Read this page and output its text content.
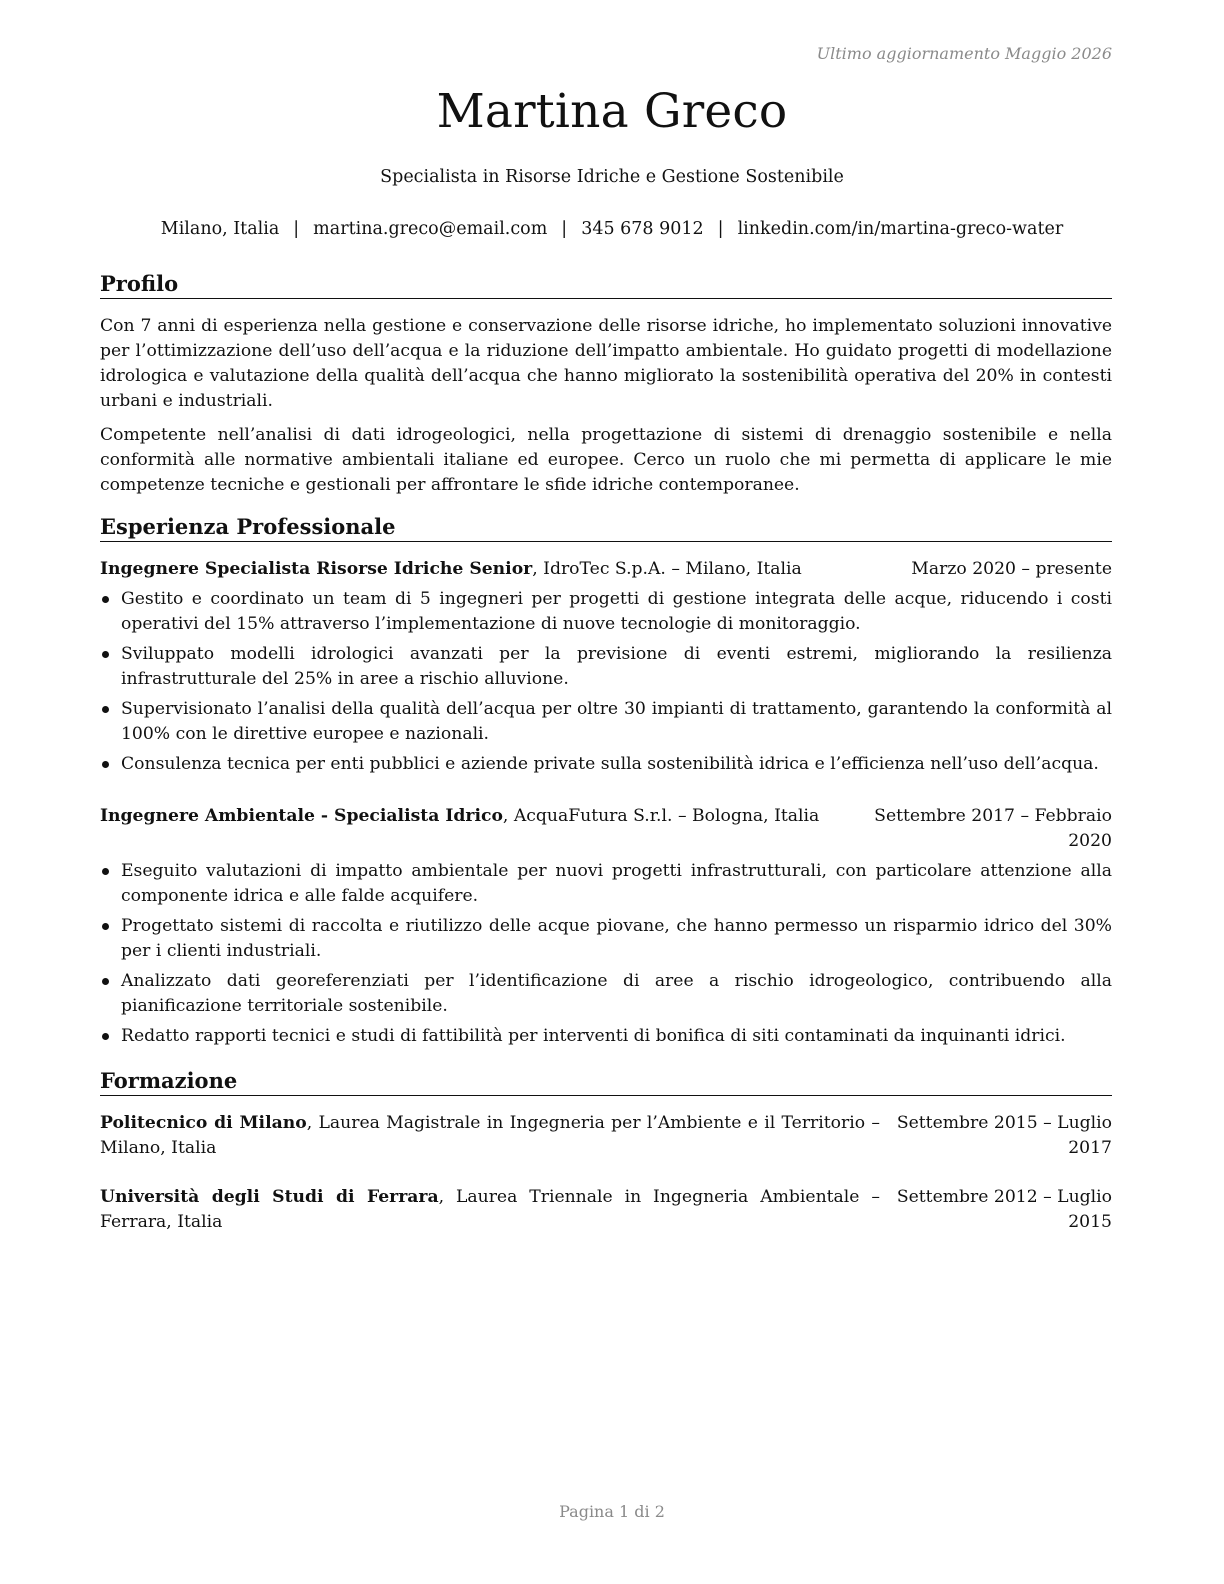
Ultimo aggiornamento Maggio 2026
Martina Greco
Specialista in Risorse Idriche e Gestione Sostenibile
Milano, Italia | martina.greco@email.com | 345 678 9012 | linkedin.com/in/martina-greco-water
Profilo

Con 7 anni di esperienza nella gestione e conservazione delle risorse idriche, ho implementato soluzioni innovative per l’ottimizzazione dell’uso dell’acqua e la riduzione dell’impatto ambientale. Ho guidato progetti di modellazione idrologica e valutazione della qualità dell’acqua che hanno migliorato la sostenibilità operativa del 20% in contesti urbani e industriali.

Competente nell’analisi di dati idrogeologici, nella progettazione di sistemi di drenaggio sostenibile e nella conformità alle normative ambientali italiane ed europee. Cerco un ruolo che mi permetta di applicare le mie competenze tecniche e gestionali per affrontare le sfide idriche contemporanee.

Esperienza Professionale
Ingegnere Specialista Risorse Idriche Senior, IdroTec S.p.A. – Milano, Italia	Marzo 2020 – presente
Gestito e coordinato un team di 5 ingegneri per progetti di gestione integrata delle acque, riducendo i costi operativi del 15% attraverso l’implementazione di nuove tecnologie di monitoraggio.
Sviluppato modelli idrologici avanzati per la previsione di eventi estremi, migliorando la resilienza infrastrutturale del 25% in aree a rischio alluvione.
Supervisionato l’analisi della qualità dell’acqua per oltre 30 impianti di trattamento, garantendo la conformità al 100% con le direttive europee e nazionali.
Consulenza tecnica per enti pubblici e aziende private sulla sostenibilità idrica e l’efficienza nell’uso dell’acqua.
Ingegnere Ambientale - Specialista Idrico, AcquaFutura S.r.l. – Bologna, Italia	Settembre 2017 – Febbraio
2020
Eseguito valutazioni di impatto ambientale per nuovi progetti infrastrutturali, con particolare attenzione alla componente idrica e alle falde acquifere.
Progettato sistemi di raccolta e riutilizzo delle acque piovane, che hanno permesso un risparmio idrico del 30% per i clienti industriali.
Analizzato dati georeferenziati per l’identificazione di aree a rischio idrogeologico, contribuendo alla pianificazione territoriale sostenibile.
Redatto rapporti tecnici e studi di fattibilità per interventi di bonifica di siti contaminati da inquinanti idrici.
Formazione
Politecnico di Milano, Laurea Magistrale in Ingegneria per l’Ambiente e il Territorio – Milano, Italia
Settembre 2015 – Luglio
2017
Università degli Studi di Ferrara, Laurea Triennale in Ingegneria Ambientale – Ferrara, Italia
Settembre 2012 – Luglio
2015
Pagina 1 di 2
